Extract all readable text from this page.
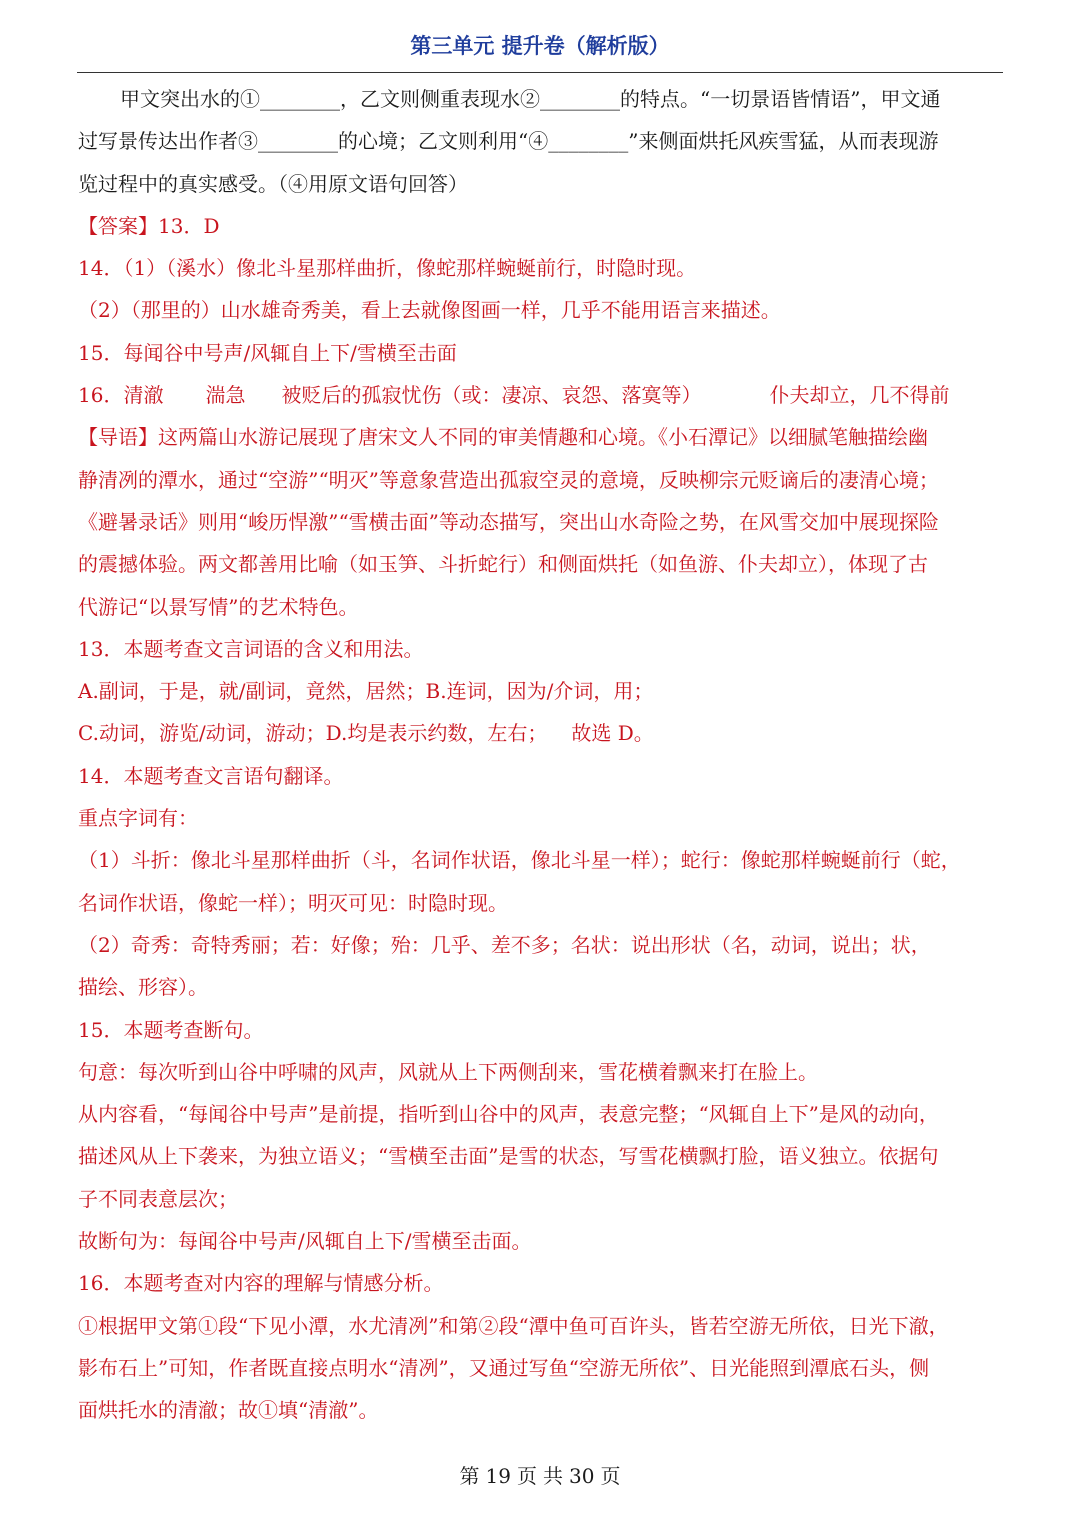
第三单元 提升卷（解析版）
甲文突出水的①________，乙文则侧重表现水②________的特点。“一切景语皆情语”，甲文通
过写景传达出作者③________的心境；乙文则利用“④________”来侧面烘托风疾雪猛，从而表现游
览过程中的真实感受。（④用原文语句回答）
【答案】13．D
14．（1）（溪水）像北斗星那样曲折，像蛇那样蜿蜒前行，时隐时现。
（2）（那里的）山水雄奇秀美，看上去就像图画一样，几乎不能用语言来描述。
15．每闻谷中号声/风辄自上下/雪横至击面
16．清澈 湍急 被贬后的孤寂忧伤（或：凄凉、哀怨、落寞等）	仆夫却立，几不得前
【导语】这两篇山水游记展现了唐宋文人不同的审美情趣和心境。《小石潭记》以细腻笔触描绘幽
静清冽的潭水，通过“空游”“明灭”等意象营造出孤寂空灵的意境，反映柳宗元贬谪后的凄清心境；
《避暑录话》则用“峻历悍激”“雪横击面”等动态描写，突出山水奇险之势，在风雪交加中展现探险
的震撼体验。两文都善用比喻（如玉笋、斗折蛇行）和侧面烘托（如鱼游、仆夫却立），体现了古
代游记“以景写情”的艺术特色。
13．本题考查文言词语的含义和用法。
A.副词，于是，就/副词，竟然，居然；B.连词，因为/介词，用；
C.动词，游览/动词，游动；D.均是表示约数，左右； 故选 D。
14．本题考查文言语句翻译。
重点字词有：
（1）斗折：像北斗星那样曲折（斗，名词作状语，像北斗星一样）；蛇行：像蛇那样蜿蜒前行（蛇，
名词作状语，像蛇一样）；明灭可见：时隐时现。
（2）奇秀：奇特秀丽；若：好像；殆：几乎、差不多；名状：说出形状（名，动词，说出；状，
描绘、形容）。
15．本题考查断句。
句意：每次听到山谷中呼啸的风声，风就从上下两侧刮来，雪花横着飘来打在脸上。
从内容看，“每闻谷中号声”是前提，指听到山谷中的风声，表意完整；“风辄自上下”是风的动向，
描述风从上下袭来，为独立语义；“雪横至击面”是雪的状态，写雪花横飘打脸，语义独立。依据句
子不同表意层次；
故断句为：每闻谷中号声/风辄自上下/雪横至击面。
16．本题考查对内容的理解与情感分析。
①根据甲文第①段“下见小潭，水尤清冽”和第②段“潭中鱼可百许头，皆若空游无所依，日光下澈，
影布石上”可知，作者既直接点明水“清冽”，又通过写鱼“空游无所依”、日光能照到潭底石头，侧
面烘托水的清澈；故①填“清澈”。
第 19 页 共 30 页
